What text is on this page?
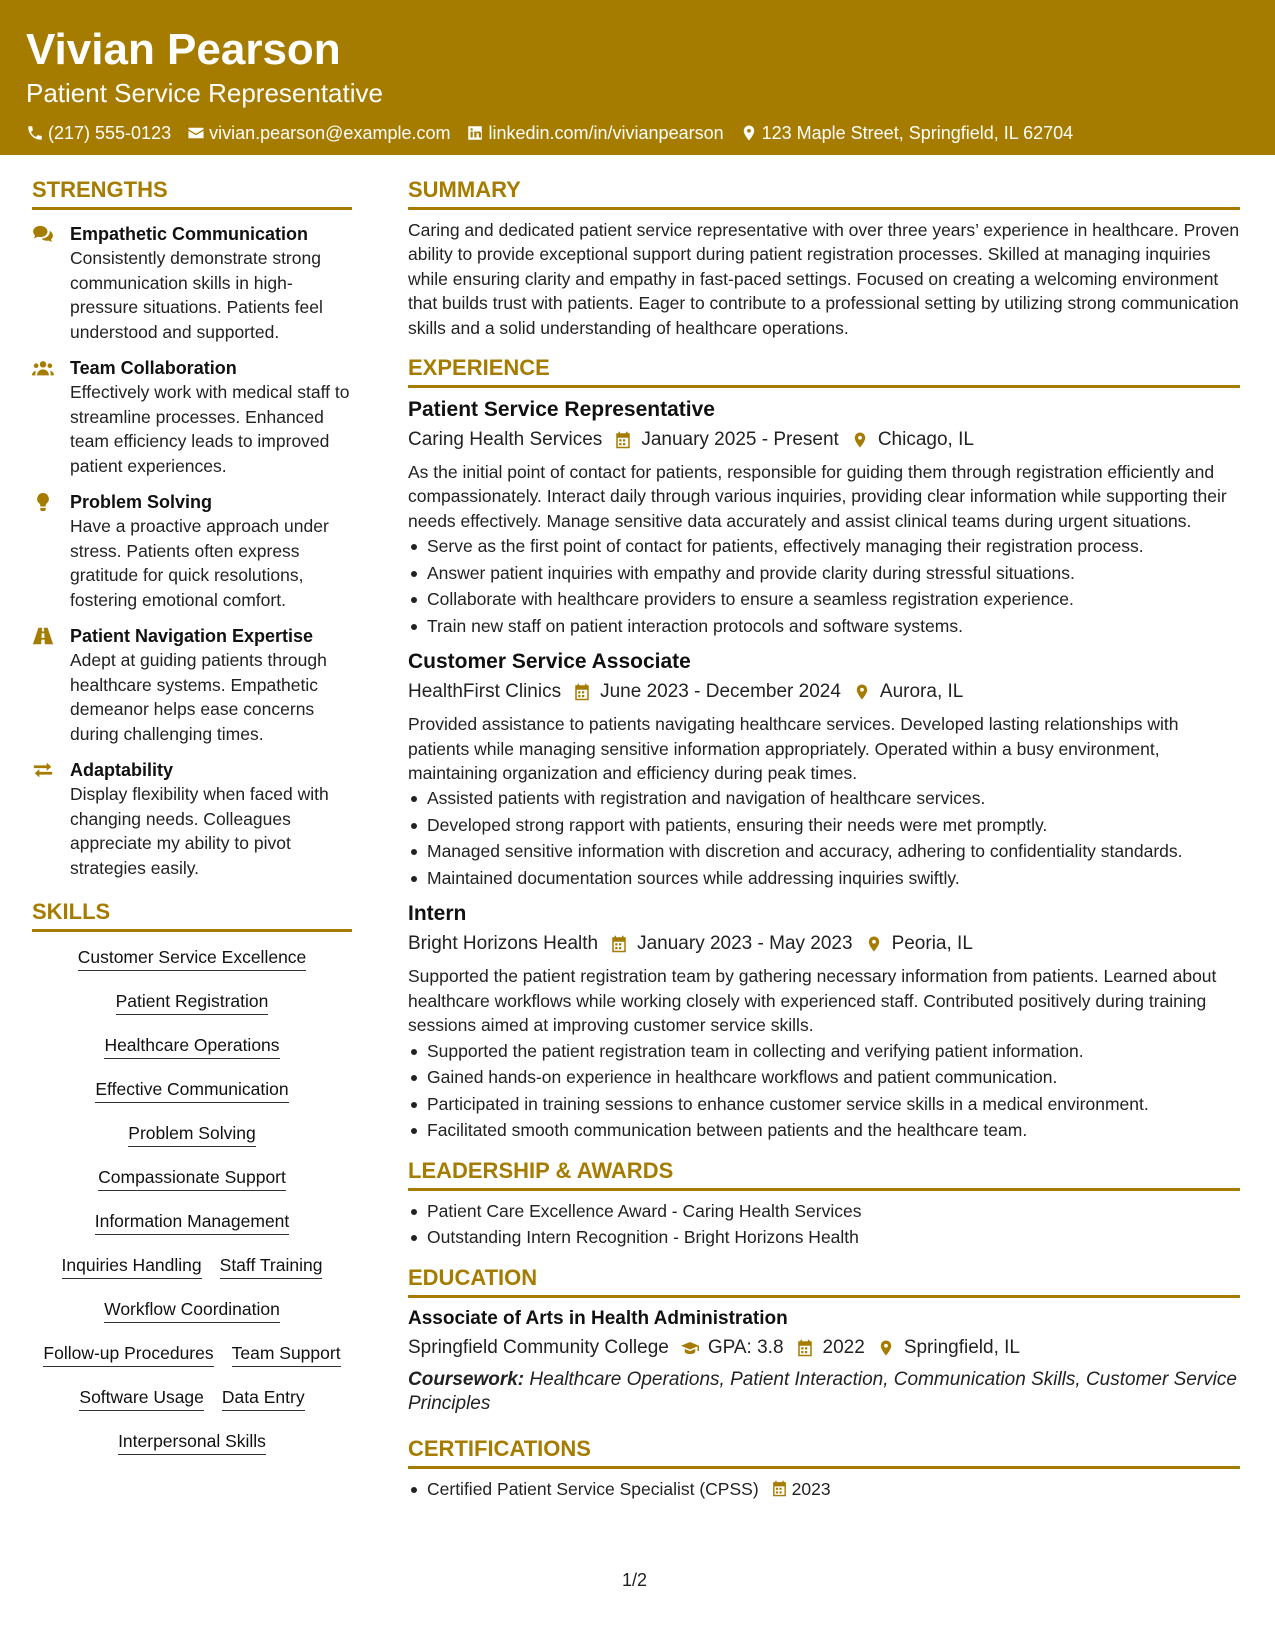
Vivian Pearson
Patient Service Representative
(217) 555-0123 vivian.pearson@example.com linkedin.com/in/vivianpearson 123 Maple Street, Springfield, IL 62704
STRENGTHS
Empathetic Communication
Consistently demonstrate strong communication skills in high-pressure situations. Patients feel understood and supported.
Team Collaboration
Effectively work with medical staff to streamline processes. Enhanced team efficiency leads to improved patient experiences.
Problem Solving
Have a proactive approach under stress. Patients often express gratitude for quick resolutions, fostering emotional comfort.
Patient Navigation Expertise
Adept at guiding patients through healthcare systems. Empathetic demeanor helps ease concerns during challenging times.
Adaptability
Display flexibility when faced with changing needs. Colleagues appreciate my ability to pivot strategies easily.
SKILLS
Customer Service Excellence
Patient Registration
Healthcare Operations
Effective Communication
Problem Solving
Compassionate Support
Information Management
Inquiries Handling Staff Training
Workflow Coordination
Follow-up Procedures Team Support
Software Usage Data Entry
Interpersonal Skills
SUMMARY
Caring and dedicated patient service representative with over three years’ experience in healthcare. Proven ability to provide exceptional support during patient registration processes. Skilled at managing inquiries while ensuring clarity and empathy in fast-paced settings. Focused on creating a welcoming environment that builds trust with patients. Eager to contribute to a professional setting by utilizing strong communication skills and a solid understanding of healthcare operations.
EXPERIENCE
Patient Service Representative
Caring Health Services January 2025 - Present Chicago, IL
As the initial point of contact for patients, responsible for guiding them through registration efficiently and compassionately. Interact daily through various inquiries, providing clear information while supporting their needs effectively. Manage sensitive data accurately and assist clinical teams during urgent situations.
Serve as the first point of contact for patients, effectively managing their registration process.
Answer patient inquiries with empathy and provide clarity during stressful situations.
Collaborate with healthcare providers to ensure a seamless registration experience.
Train new staff on patient interaction protocols and software systems.
Customer Service Associate
HealthFirst Clinics June 2023 - December 2024 Aurora, IL
Provided assistance to patients navigating healthcare services. Developed lasting relationships with patients while managing sensitive information appropriately. Operated within a busy environment, maintaining organization and efficiency during peak times.
Assisted patients with registration and navigation of healthcare services.
Developed strong rapport with patients, ensuring their needs were met promptly.
Managed sensitive information with discretion and accuracy, adhering to confidentiality standards.
Maintained documentation sources while addressing inquiries swiftly.
Intern
Bright Horizons Health January 2023 - May 2023 Peoria, IL
Supported the patient registration team by gathering necessary information from patients. Learned about healthcare workflows while working closely with experienced staff. Contributed positively during training sessions aimed at improving customer service skills.
Supported the patient registration team in collecting and verifying patient information.
Gained hands-on experience in healthcare workflows and patient communication.
Participated in training sessions to enhance customer service skills in a medical environment.
Facilitated smooth communication between patients and the healthcare team.
LEADERSHIP & AWARDS
Patient Care Excellence Award - Caring Health Services
Outstanding Intern Recognition - Bright Horizons Health
EDUCATION
Associate of Arts in Health Administration
Springfield Community College GPA: 3.8 2022 Springfield, IL
Coursework: Healthcare Operations, Patient Interaction, Communication Skills, Customer Service Principles
CERTIFICATIONS
Certified Patient Service Specialist (CPSS) 2023
1/2
